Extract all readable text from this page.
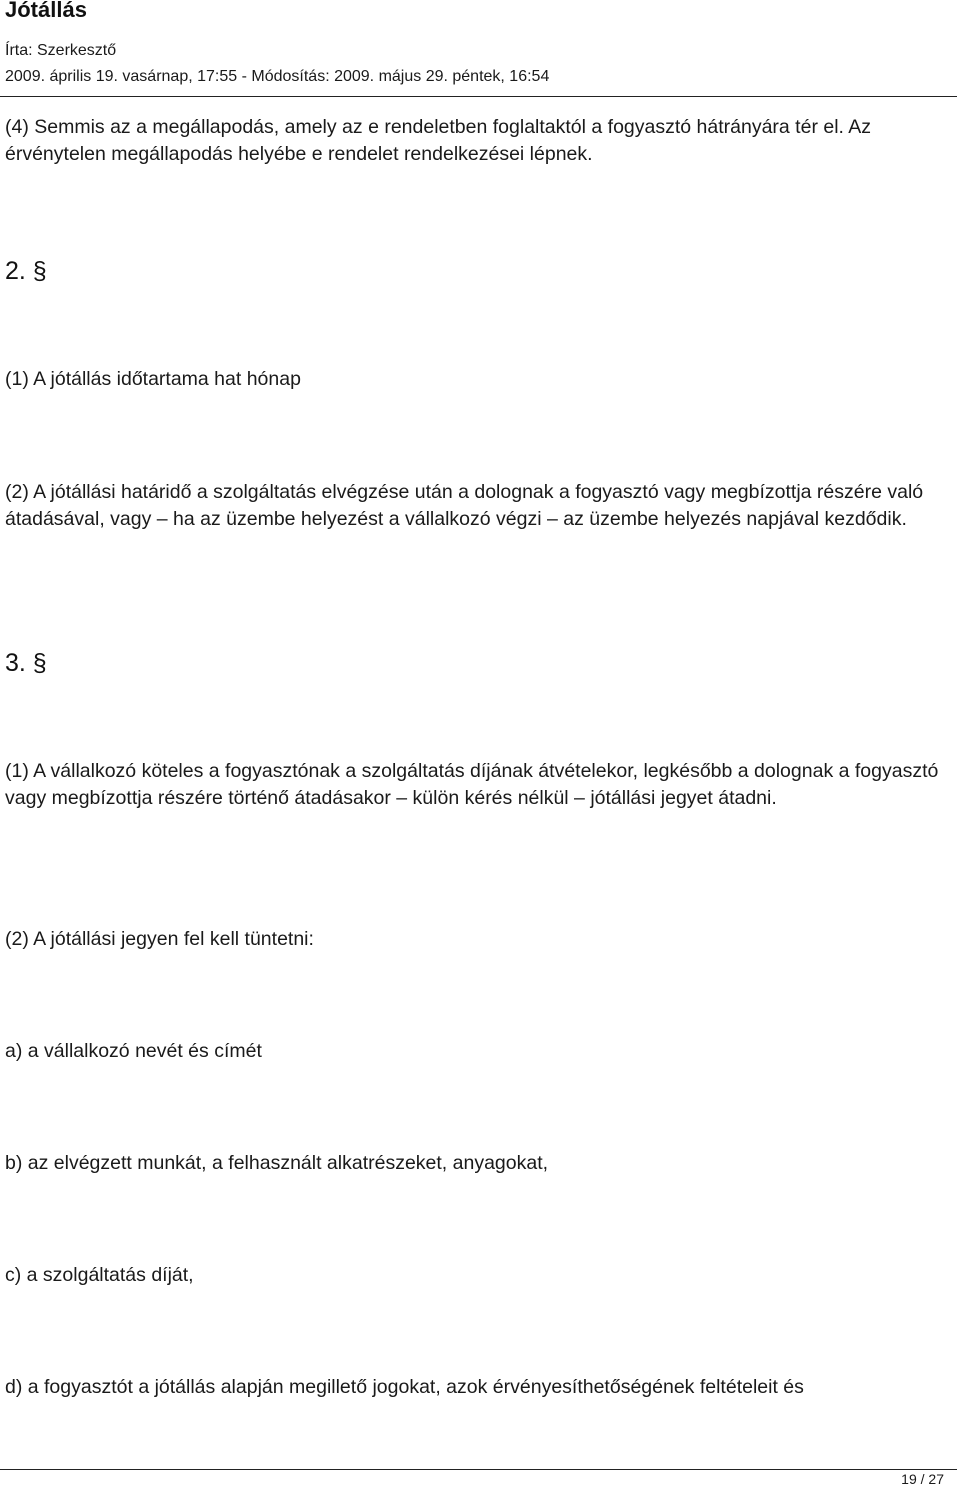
Jótállás
Írta: Szerkesztő
2009. április 19. vasárnap, 17:55 - Módosítás: 2009. május 29. péntek, 16:54

(4) Semmis az a megállapodás, amely az e rendeletben foglaltaktól a fogyasztó hátrányára tér el. Az érvénytelen megállapodás helyébe e rendelet rendelkezései lépnek.

2. §

(1) A jótállás időtartama hat hónap

(2) A jótállási határidő a szolgáltatás elvégzése után a dolognak a fogyasztó vagy megbízottja részére való átadásával, vagy – ha az üzembe helyezést a vállalkozó végzi – az üzembe helyezés napjával kezdődik.

3. §

(1) A vállalkozó köteles a fogyasztónak a szolgáltatás díjának átvételekor, legkésőbb a dolognak a fogyasztó vagy megbízottja részére történő átadásakor – külön kérés nélkül – jótállási jegyet átadni.

(2) A jótállási jegyen fel kell tüntetni:

a) a vállalkozó nevét és címét

b) az elvégzett munkát, a felhasznált alkatrészeket, anyagokat,

c) a szolgáltatás díját,

d) a fogyasztót a jótállás alapján megillető jogokat, azok érvényesíthetőségének feltételeit és

19 / 27
